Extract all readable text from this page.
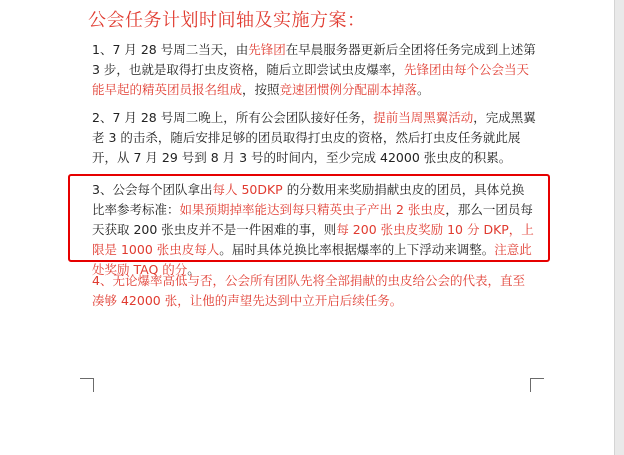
公会任务计划时间轴及实施方案：

1、7 月 28 号周二当天，由先锋团在早晨服务器更新后全团将任务完成到上述第 3 步，也就是取得打虫皮资格，随后立即尝试虫皮爆率，先锋团由每个公会当天能早起的精英团员报名组成，按照竞速团惯例分配副本掉落。

2、7 月 28 号周二晚上，所有公会团队接好任务，提前当周黑翼活动，完成黑翼老 3 的击杀，随后安排足够的团员取得打虫皮的资格，然后打虫皮任务就此展开，从 7 月 29 号到 8 月 3 号的时间内，至少完成 42000 张虫皮的积累。

3、公会每个团队拿出每人 50DKP 的分数用来奖励捐献虫皮的团员，具体兑换比率参考标准：如果预期掉率能达到每只精英虫子产出 2 张虫皮，那么一团员每天获取 200 张虫皮并不是一件困难的事，则每 200 张虫皮奖励 10 分 DKP，上限是 1000 张虫皮每人。届时具体兑换比率根据爆率的上下浮动来调整。注意此处奖励 TAQ 的分。

4、无论爆率高低与否，公会所有团队先将全部捐献的虫皮给公会的代表，直至凑够 42000 张，让他的声望先达到中立开启后续任务。
